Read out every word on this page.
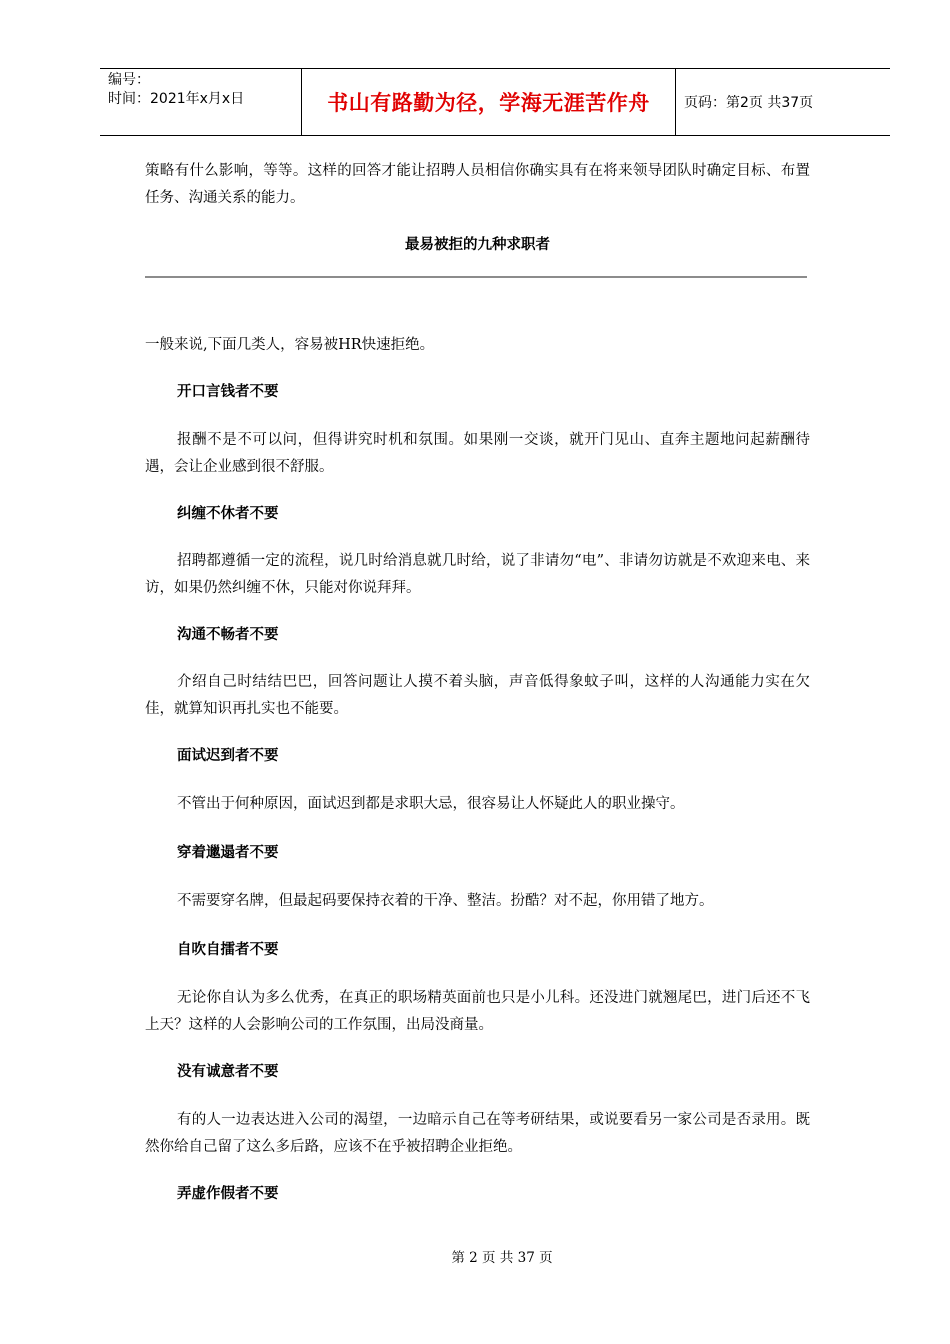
编号：
时间：2021年x月x日	书山有路勤为径，学海无涯苦作舟	页码：第2页 共37页

策略有什么影响，等等。这样的回答才能让招聘人员相信你确实具有在将来领导团队时确定目标、布置任务、沟通关系的能力。

最易被拒的九种求职者

一般来说,下面几类人，容易被HR快速拒绝。

开口言钱者不要

报酬不是不可以问，但得讲究时机和氛围。如果刚一交谈，就开门见山、直奔主题地问起薪酬待遇，会让企业感到很不舒服。

纠缠不休者不要

招聘都遵循一定的流程，说几时给消息就几时给，说了非请勿“电”、非请勿访就是不欢迎来电、来访，如果仍然纠缠不休，只能对你说拜拜。

沟通不畅者不要

介绍自己时结结巴巴，回答问题让人摸不着头脑，声音低得象蚊子叫，这样的人沟通能力实在欠佳，就算知识再扎实也不能要。

面试迟到者不要

不管出于何种原因，面试迟到都是求职大忌，很容易让人怀疑此人的职业操守。

穿着邋遢者不要

不需要穿名牌，但最起码要保持衣着的干净、整洁。扮酷？对不起，你用错了地方。

自吹自擂者不要

无论你自认为多么优秀，在真正的职场精英面前也只是小儿科。还没进门就翘尾巴，进门后还不飞上天？这样的人会影响公司的工作氛围，出局没商量。

没有诚意者不要

有的人一边表达进入公司的渴望，一边暗示自己在等考研结果，或说要看另一家公司是否录用。既然你给自己留了这么多后路，应该不在乎被招聘企业拒绝。

弄虚作假者不要

第 2 页 共 37 页
